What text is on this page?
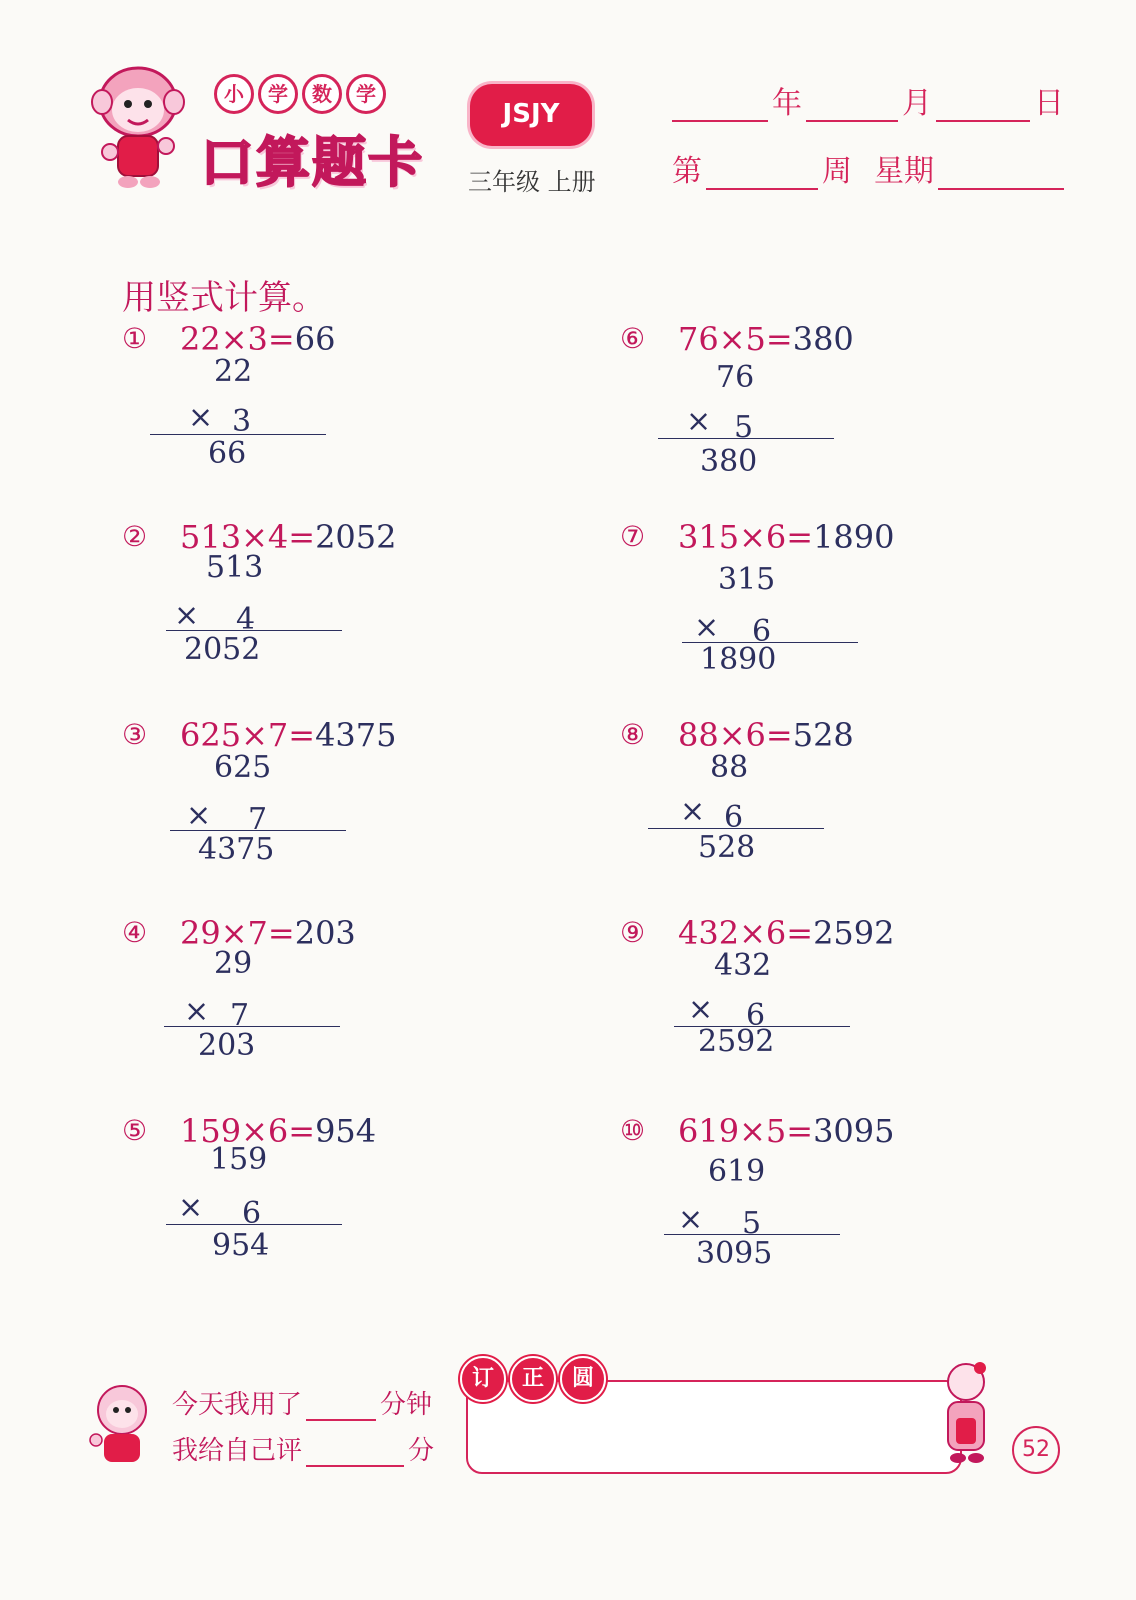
小	学	数	学
口算题卡
JSJY
三年级 上册
年	月	日
第	周 星期
用竖式计算。
① 22×3=66
22
× 3
66
② 513×4=2052
513
× 4
2052
③ 625×7=4375
625
× 7
4375
④ 29×7=203
29
× 7
203
⑤ 159×6=954
159
× 6
954
⑥ 76×5=380
76
× 5
380
⑦ 315×6=1890
315
× 6
1890
⑧ 88×6=528
88
× 6
528
⑨ 432×6=2592
432
× 6
2592
⑩ 619×5=3095
619
× 5
3095
今天我用了	分钟
我给自己评	分
订	正	圆
52
